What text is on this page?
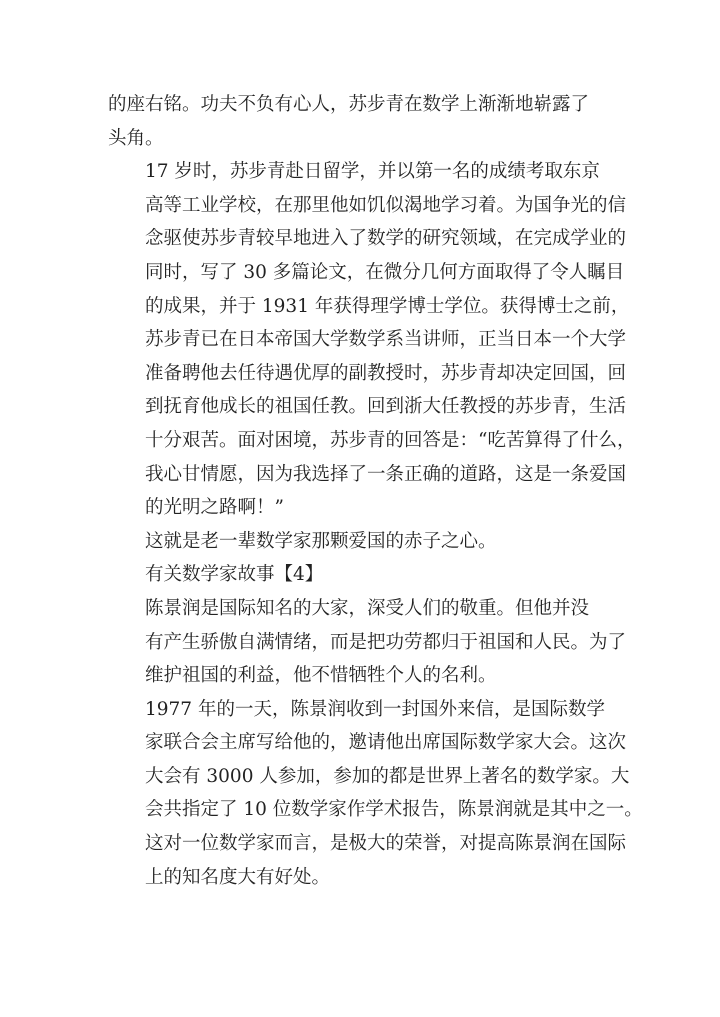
的座右铭。功夫不负有心人，苏步青在数学上渐渐地崭露了
头角。
17 岁时，苏步青赴日留学，并以第一名的成绩考取东京
高等工业学校，在那里他如饥似渴地学习着。为国争光的信
念驱使苏步青较早地进入了数学的研究领域，在完成学业的
同时，写了 30 多篇论文，在微分几何方面取得了令人瞩目
的成果，并于 1931 年获得理学博士学位。获得博士之前，
苏步青已在日本帝国大学数学系当讲师，正当日本一个大学
准备聘他去任待遇优厚的副教授时，苏步青却决定回国，回
到抚育他成长的祖国任教。回到浙大任教授的苏步青，生活
十分艰苦。面对困境，苏步青的回答是：“吃苦算得了什么，
我心甘情愿，因为我选择了一条正确的道路，这是一条爱国
的光明之路啊！”
这就是老一辈数学家那颗爱国的赤子之心。
有关数学家故事【4】
陈景润是国际知名的大家，深受人们的敬重。但他并没
有产生骄傲自满情绪，而是把功劳都归于祖国和人民。为了
维护祖国的利益，他不惜牺牲个人的名利。
1977 年的一天，陈景润收到一封国外来信，是国际数学
家联合会主席写给他的，邀请他出席国际数学家大会。这次
大会有 3000 人参加，参加的都是世界上著名的数学家。大
会共指定了 10 位数学家作学术报告，陈景润就是其中之一。
这对一位数学家而言，是极大的荣誉，对提高陈景润在国际
上的知名度大有好处。
